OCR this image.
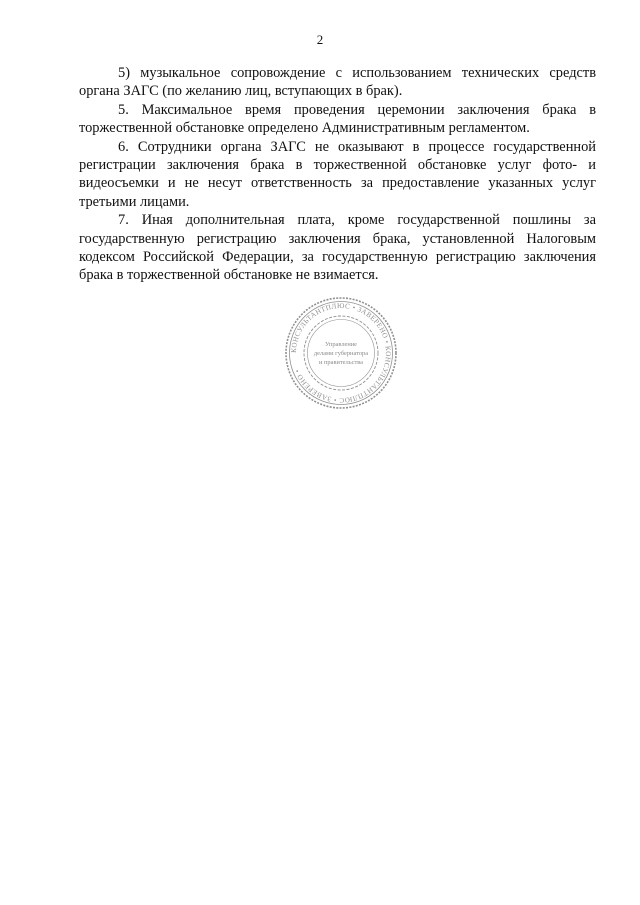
2

5) музыкальное сопровождение с использованием технических средств органа ЗАГС (по желанию лиц, вступающих в брак).

5. Максимальное время проведения церемонии заключения брака в торжественной обстановке определено Административным регламентом.

6. Сотрудники органа ЗАГС не оказывают в процессе государственной регистрации заключения брака в торжественной обстановке услуг фото- и видеосъемки и не несут ответственность за предоставление указанных услуг третьими лицами.

7. Иная дополнительная плата, кроме государственной пошлины за государственную регистрацию заключения брака, установленной Налоговым кодексом Российской Федерации, за государственную регистрацию заключения брака в торжественной обстановке не взимается.

КОНСУЛЬТАНТПЛЮС • ЗАВЕРЕНО • КОНСУЛЬТАНТПЛЮС • ЗАВЕРЕНО •
Управление
делами губернатора
и правительства
